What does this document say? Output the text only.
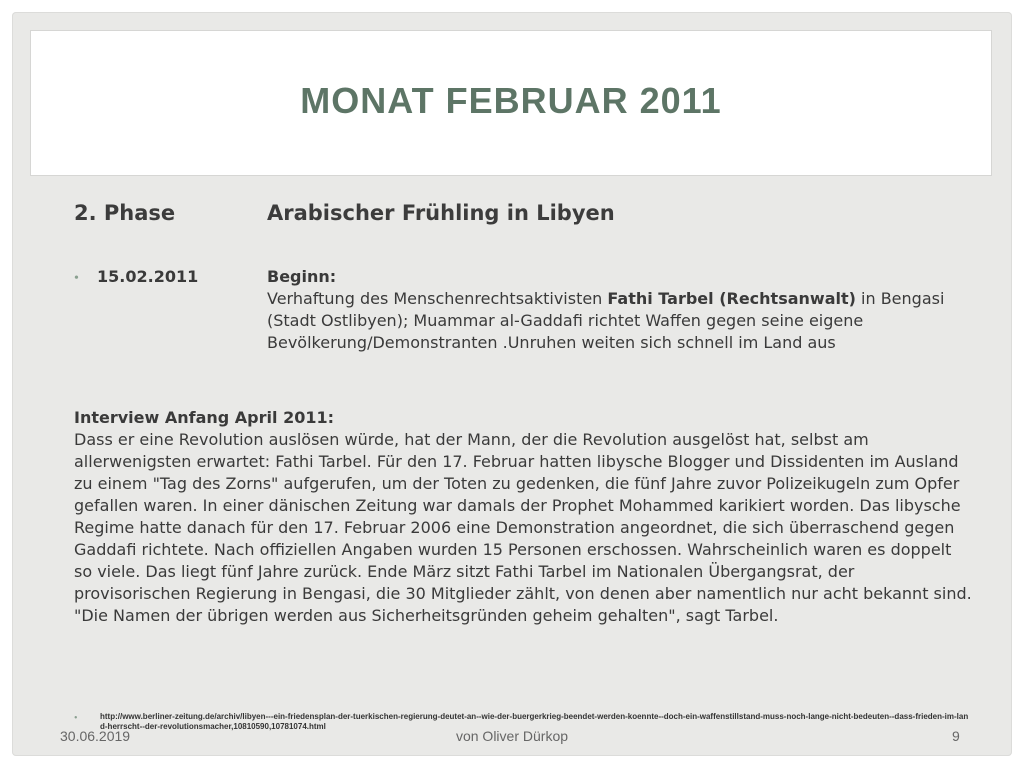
MONAT FEBRUAR 2011
2. Phase	Arabischer Frühling in Libyen
• 15.02.2011	Beginn:
Verhaftung des Menschenrechtsaktivisten Fathi Tarbel (Rechtsanwalt) in Bengasi (Stadt Ostlibyen); Muammar al-Gaddafi richtet Waffen gegen seine eigene Bevölkerung/Demonstranten .Unruhen weiten sich schnell im Land aus
Interview Anfang April 2011:
Dass er eine Revolution auslösen würde, hat der Mann, der die Revolution ausgelöst hat, selbst am allerwenigsten erwartet: Fathi Tarbel. Für den 17. Februar hatten libysche Blogger und Dissidenten im Ausland zu einem "Tag des Zorns" aufgerufen, um der Toten zu gedenken, die fünf Jahre zuvor Polizeikugeln zum Opfer gefallen waren. In einer dänischen Zeitung war damals der Prophet Mohammed karikiert worden. Das libysche Regime hatte danach für den 17. Februar 2006 eine Demonstration angeordnet, die sich überraschend gegen Gaddafi richtete. Nach offiziellen Angaben wurden 15 Personen erschossen. Wahrscheinlich waren es doppelt so viele. Das liegt fünf Jahre zurück. Ende März sitzt Fathi Tarbel im Nationalen Übergangsrat, der provisorischen Regierung in Bengasi, die 30 Mitglieder zählt, von denen aber namentlich nur acht bekannt sind. "Die Namen der übrigen werden aus Sicherheitsgründen geheim gehalten", sagt Tarbel.
•	http://www.berliner-zeitung.de/archiv/libyen---ein-friedensplan-der-tuerkischen-regierung-deutet-an--wie-der-buergerkrieg-beendet-werden-koennte--doch-ein-waffenstillstand-muss-noch-lange-nicht-bedeuten--dass-frieden-im-land-herrscht--der-revolutionsmacher,10810590,10781074.html
30.06.2019	von Oliver Dürkop	9
